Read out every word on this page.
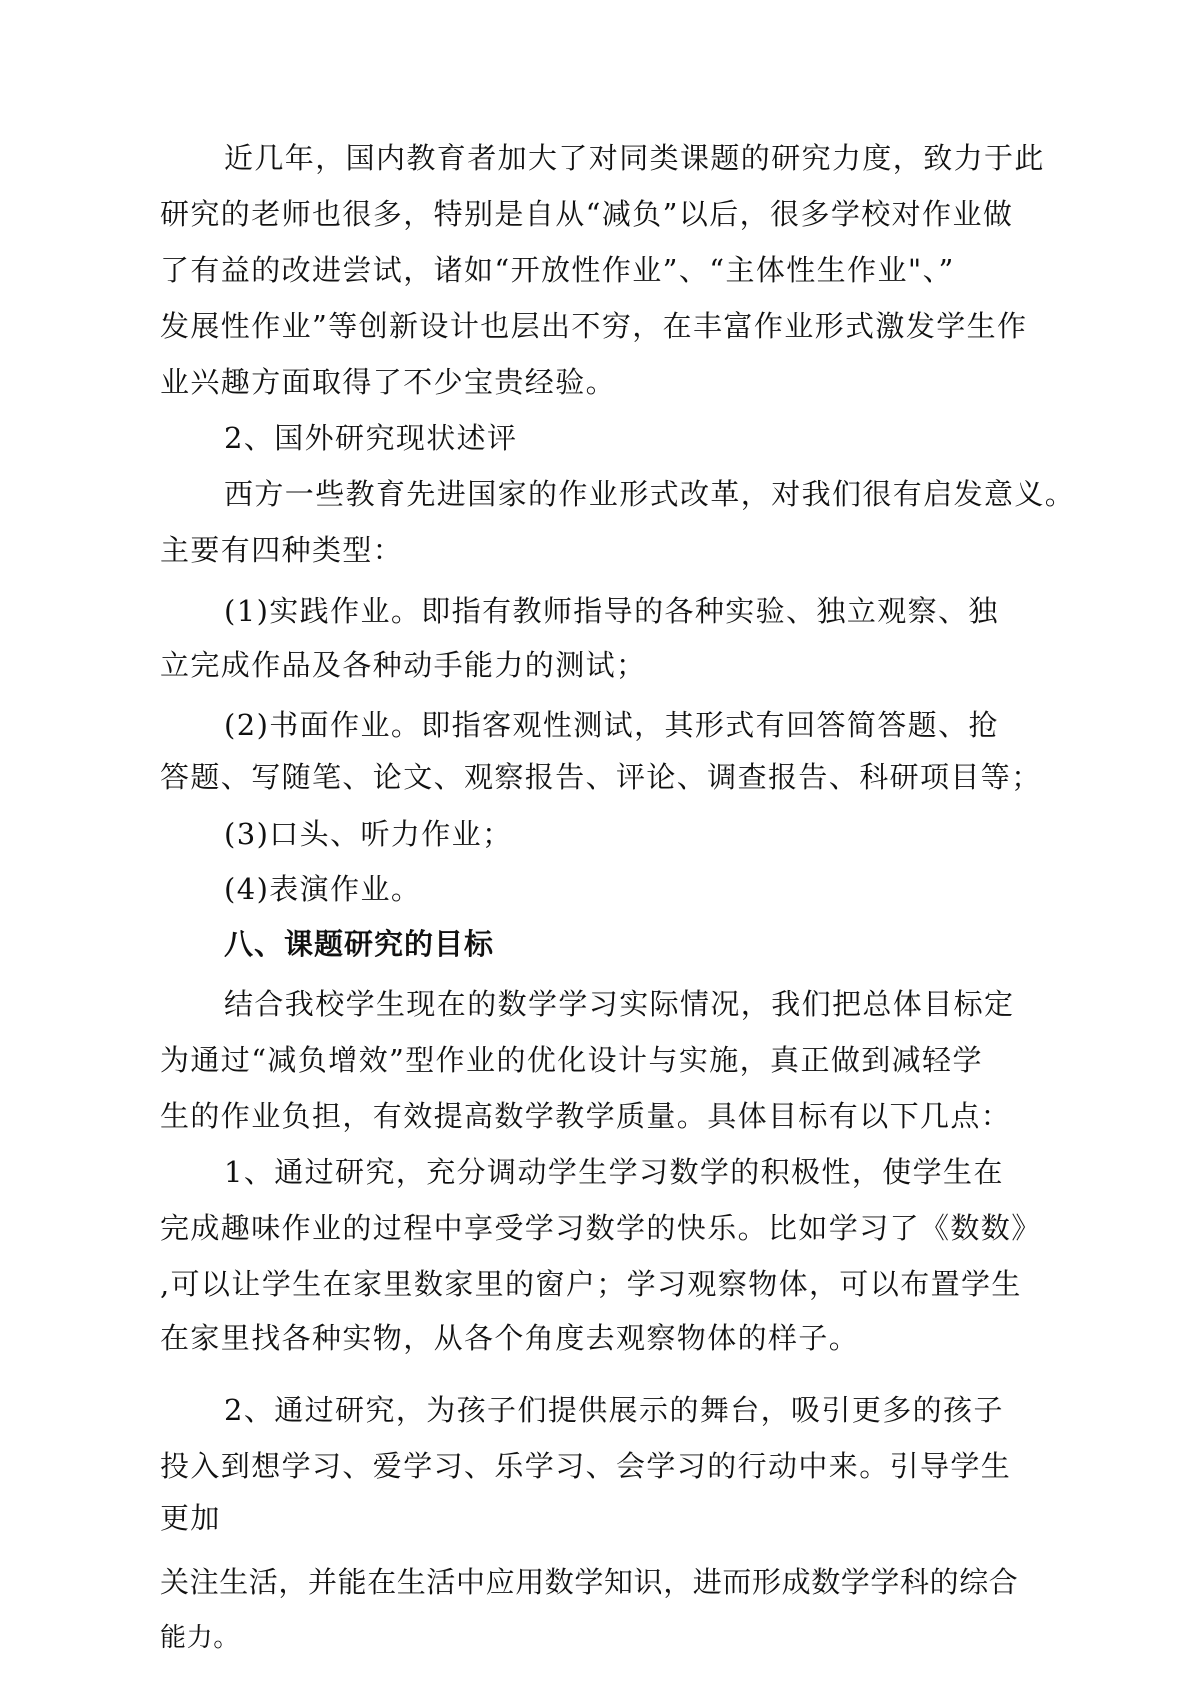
近几年，国内教育者加大了对同类课题的研究力度，致力于此
研究的老师也很多，特别是自从“减负”以后，很多学校对作业做
了有益的改进尝试，诸如“开放性作业”、“主体性生作业"、”
发展性作业”等创新设计也层出不穷，在丰富作业形式激发学生作
业兴趣方面取得了不少宝贵经验。
2、国外研究现状述评
西方一些教育先进国家的作业形式改革，对我们很有启发意义。
主要有四种类型：
(1)实践作业。即指有教师指导的各种实验、独立观察、独
立完成作品及各种动手能力的测试；
(2)书面作业。即指客观性测试，其形式有回答简答题、抢
答题、写随笔、论文、观察报告、评论、调查报告、科研项目等；
(3)口头、听力作业；
(4)表演作业。
八、课题研究的目标
结合我校学生现在的数学学习实际情况，我们把总体目标定
为通过“减负增效”型作业的优化设计与实施，真正做到减轻学
生的作业负担，有效提高数学教学质量。具体目标有以下几点：
1、通过研究，充分调动学生学习数学的积极性，使学生在
完成趣味作业的过程中享受学习数学的快乐。比如学习了《数数》
,可以让学生在家里数家里的窗户；学习观察物体，可以布置学生
在家里找各种实物，从各个角度去观察物体的样子。
2、通过研究，为孩子们提供展示的舞台，吸引更多的孩子
投入到想学习、爱学习、乐学习、会学习的行动中来。引导学生
更加
关注生活，并能在生活中应用数学知识，进而形成数学学科的综合
能力。
